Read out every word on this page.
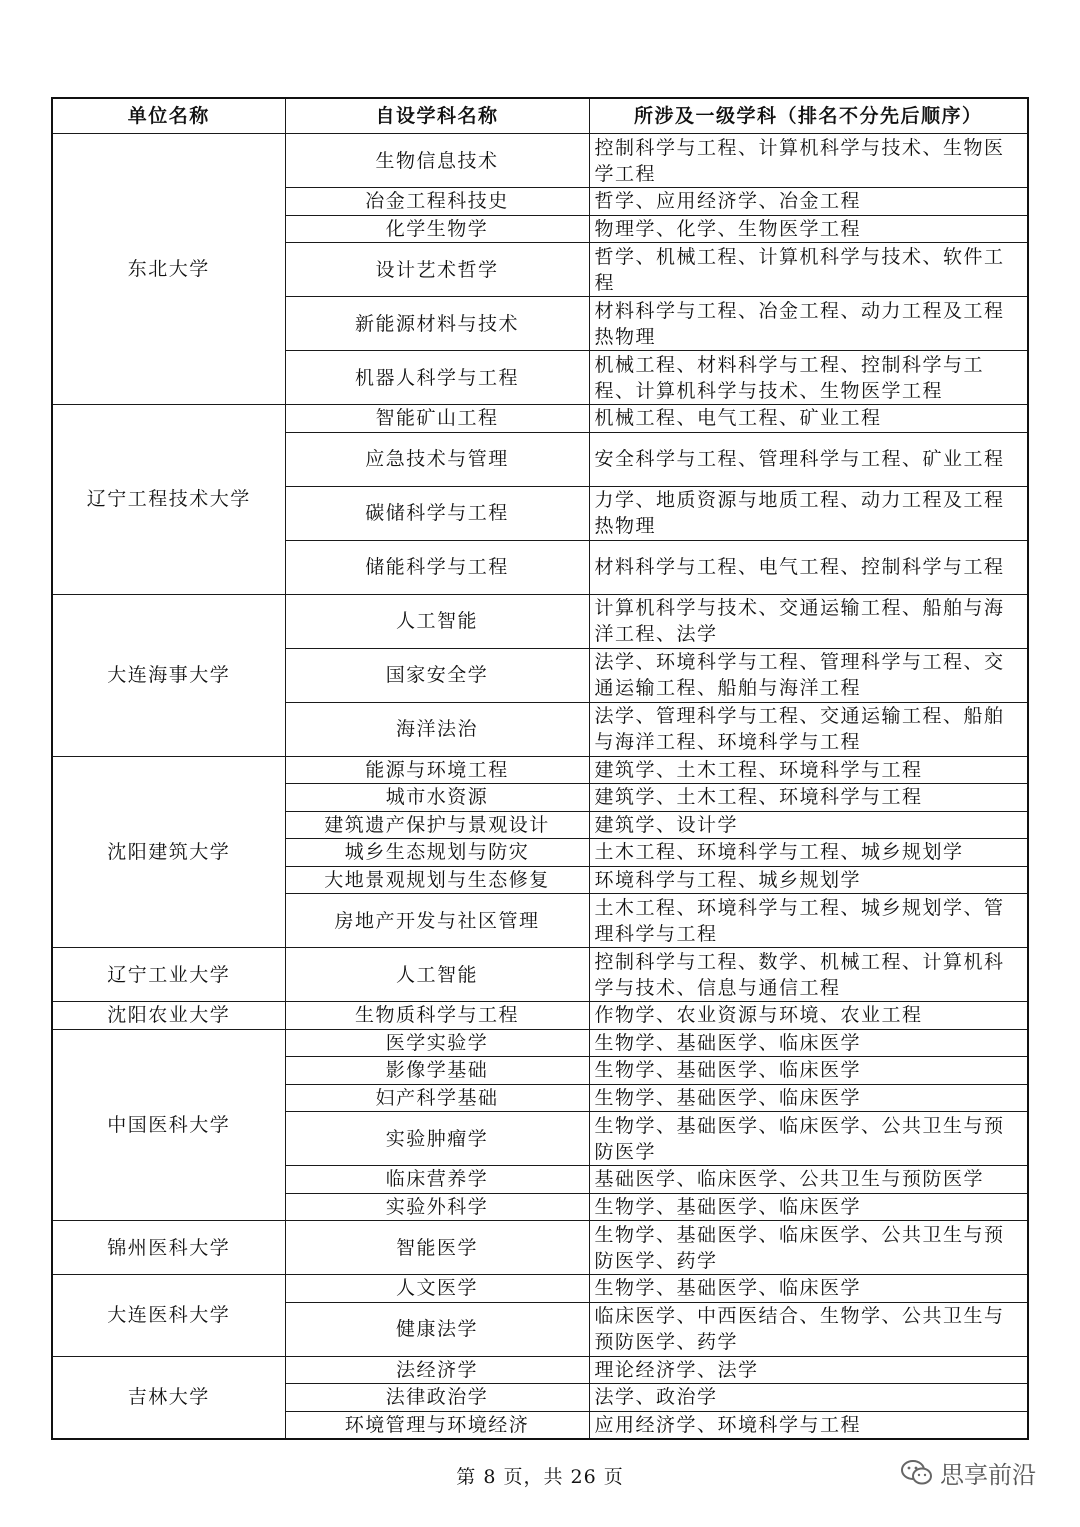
单位名称	自设学科名称	所涉及一级学科（排名不分先后顺序）
东北大学	生物信息技术	控制科学与工程、计算机科学与技术、生物医学工程
	冶金工程科技史	哲学、应用经济学、冶金工程
	化学生物学	物理学、化学、生物医学工程
	设计艺术哲学	哲学、机械工程、计算机科学与技术、软件工程
	新能源材料与技术	材料科学与工程、冶金工程、动力工程及工程热物理
	机器人科学与工程	机械工程、材料科学与工程、控制科学与工程、计算机科学与技术、生物医学工程
辽宁工程技术大学	智能矿山工程	机械工程、电气工程、矿业工程
	应急技术与管理	安全科学与工程、管理科学与工程、矿业工程
	碳储科学与工程	力学、地质资源与地质工程、动力工程及工程热物理
	储能科学与工程	材料科学与工程、电气工程、控制科学与工程
大连海事大学	人工智能	计算机科学与技术、交通运输工程、船舶与海洋工程、法学
	国家安全学	法学、环境科学与工程、管理科学与工程、交通运输工程、船舶与海洋工程
	海洋法治	法学、管理科学与工程、交通运输工程、船舶与海洋工程、环境科学与工程
沈阳建筑大学	能源与环境工程	建筑学、土木工程、环境科学与工程
	城市水资源	建筑学、土木工程、环境科学与工程
	建筑遗产保护与景观设计	建筑学、设计学
	城乡生态规划与防灾	土木工程、环境科学与工程、城乡规划学
	大地景观规划与生态修复	环境科学与工程、城乡规划学
	房地产开发与社区管理	土木工程、环境科学与工程、城乡规划学、管理科学与工程
辽宁工业大学	人工智能	控制科学与工程、数学、机械工程、计算机科学与技术、信息与通信工程
沈阳农业大学	生物质科学与工程	作物学、农业资源与环境、农业工程
中国医科大学	医学实验学	生物学、基础医学、临床医学
	影像学基础	生物学、基础医学、临床医学
	妇产科学基础	生物学、基础医学、临床医学
	实验肿瘤学	生物学、基础医学、临床医学、公共卫生与预防医学
	临床营养学	基础医学、临床医学、公共卫生与预防医学
	实验外科学	生物学、基础医学、临床医学
锦州医科大学	智能医学	生物学、基础医学、临床医学、公共卫生与预防医学、药学
大连医科大学	人文医学	生物学、基础医学、临床医学
	健康法学	临床医学、中西医结合、生物学、公共卫生与预防医学、药学
吉林大学	法经济学	理论经济学、法学
	法律政治学	法学、政治学
	环境管理与环境经济	应用经济学、环境科学与工程
第 8 页，共 26 页	思享前沿
